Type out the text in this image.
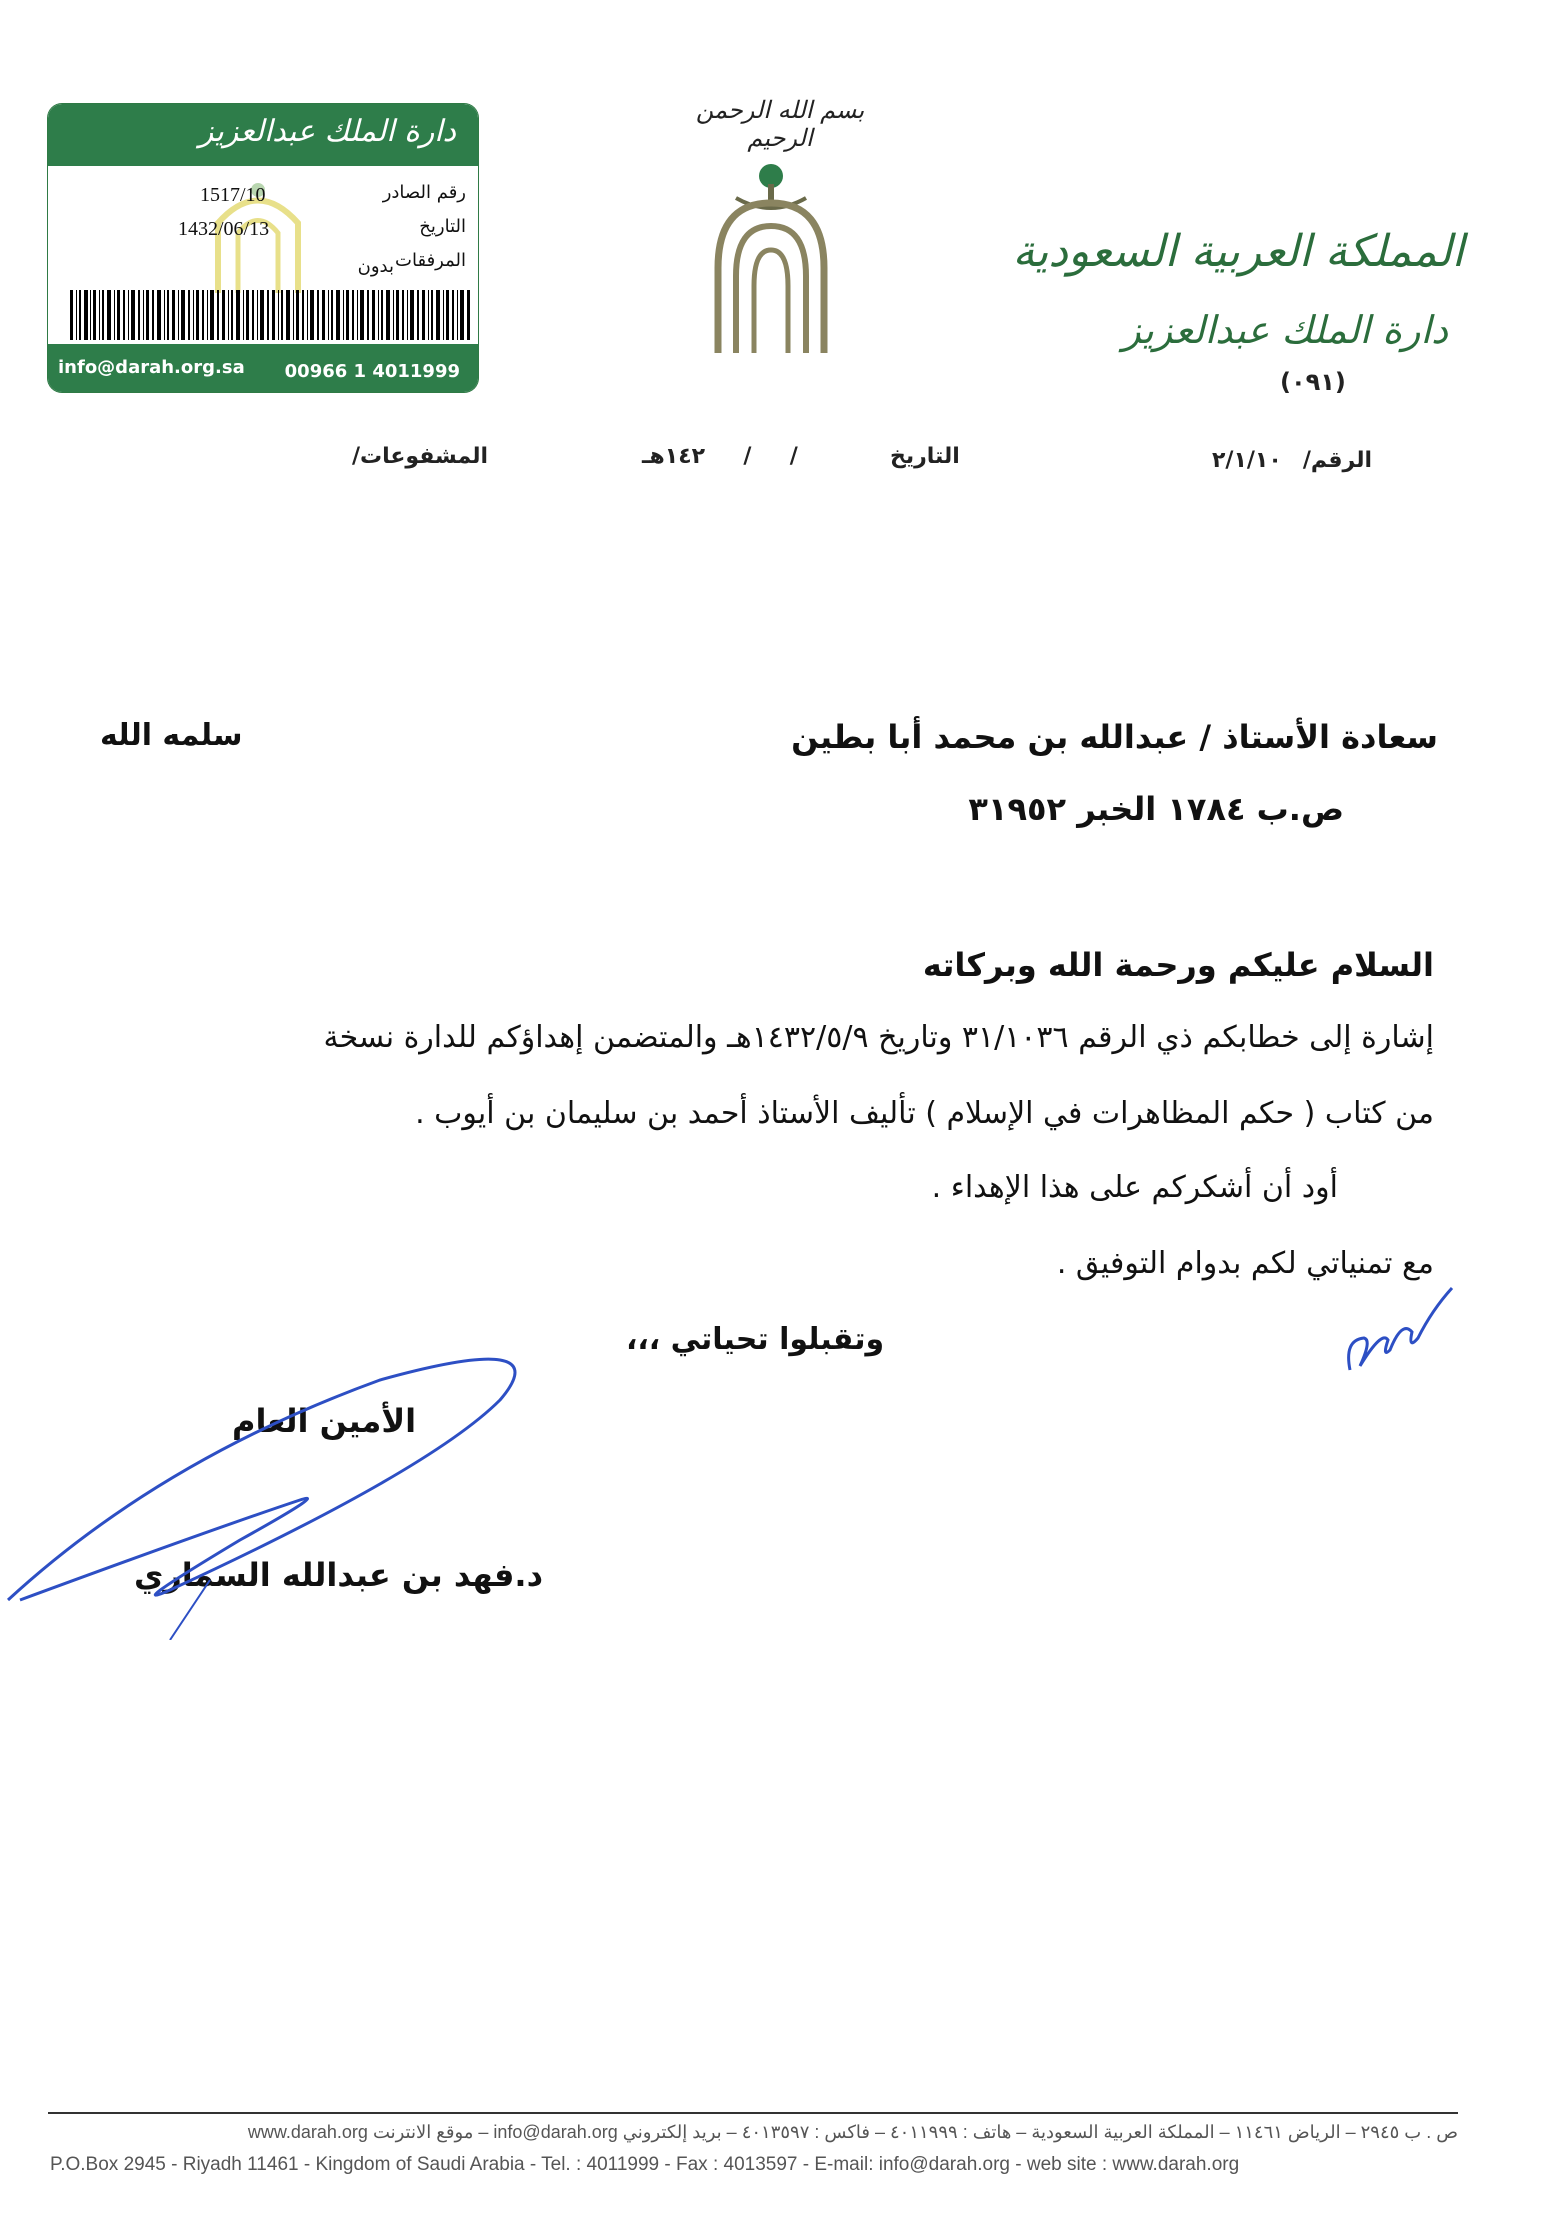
دارة الملك عبدالعزيز
رقم الصادر
1517/10
التاريخ
1432/06/13
المرفقات
بدون
info@darah.org.sa 00966 1 4011999
بسم الله الرحمن الرحيم
المملكة العربية السعودية
دارة الملك عبدالعزيز
(٠٩١)
الرقم/
٢/١/١٠
التاريخ
/     /     ١٤٢هـ
المشفوعات/
سعادة الأستاذ / عبدالله بن محمد أبا بطين
سلمه الله
ص.ب ١٧٨٤ الخبر ٣١٩٥٢
السلام عليكم ورحمة الله وبركاته
إشارة إلى خطابكم ذي الرقم ٣١/١٠٣٦ وتاريخ ١٤٣٢/٥/٩هـ والمتضمن إهداؤكم للدارة نسخة
من كتاب ( حكم المظاهرات في الإسلام ) تأليف الأستاذ أحمد بن سليمان بن أيوب .
أود أن أشكركم على هذا الإهداء .
مع تمنياتي لكم بدوام التوفيق .
وتقبلوا تحياتي ،،،
الأمين العام
د.فهد بن عبدالله السماري
ص . ب ٢٩٤٥ – الرياض ١١٤٦١ – المملكة العربية السعودية – هاتف : ٤٠١١٩٩٩ – فاكس : ٤٠١٣٥٩٧ – بريد إلكتروني info@darah.org – موقع الانترنت www.darah.org
P.O.Box 2945 - Riyadh 11461 - Kingdom of Saudi Arabia - Tel. : 4011999 - Fax : 4013597 - E-mail: info@darah.org - web site : www.darah.org
